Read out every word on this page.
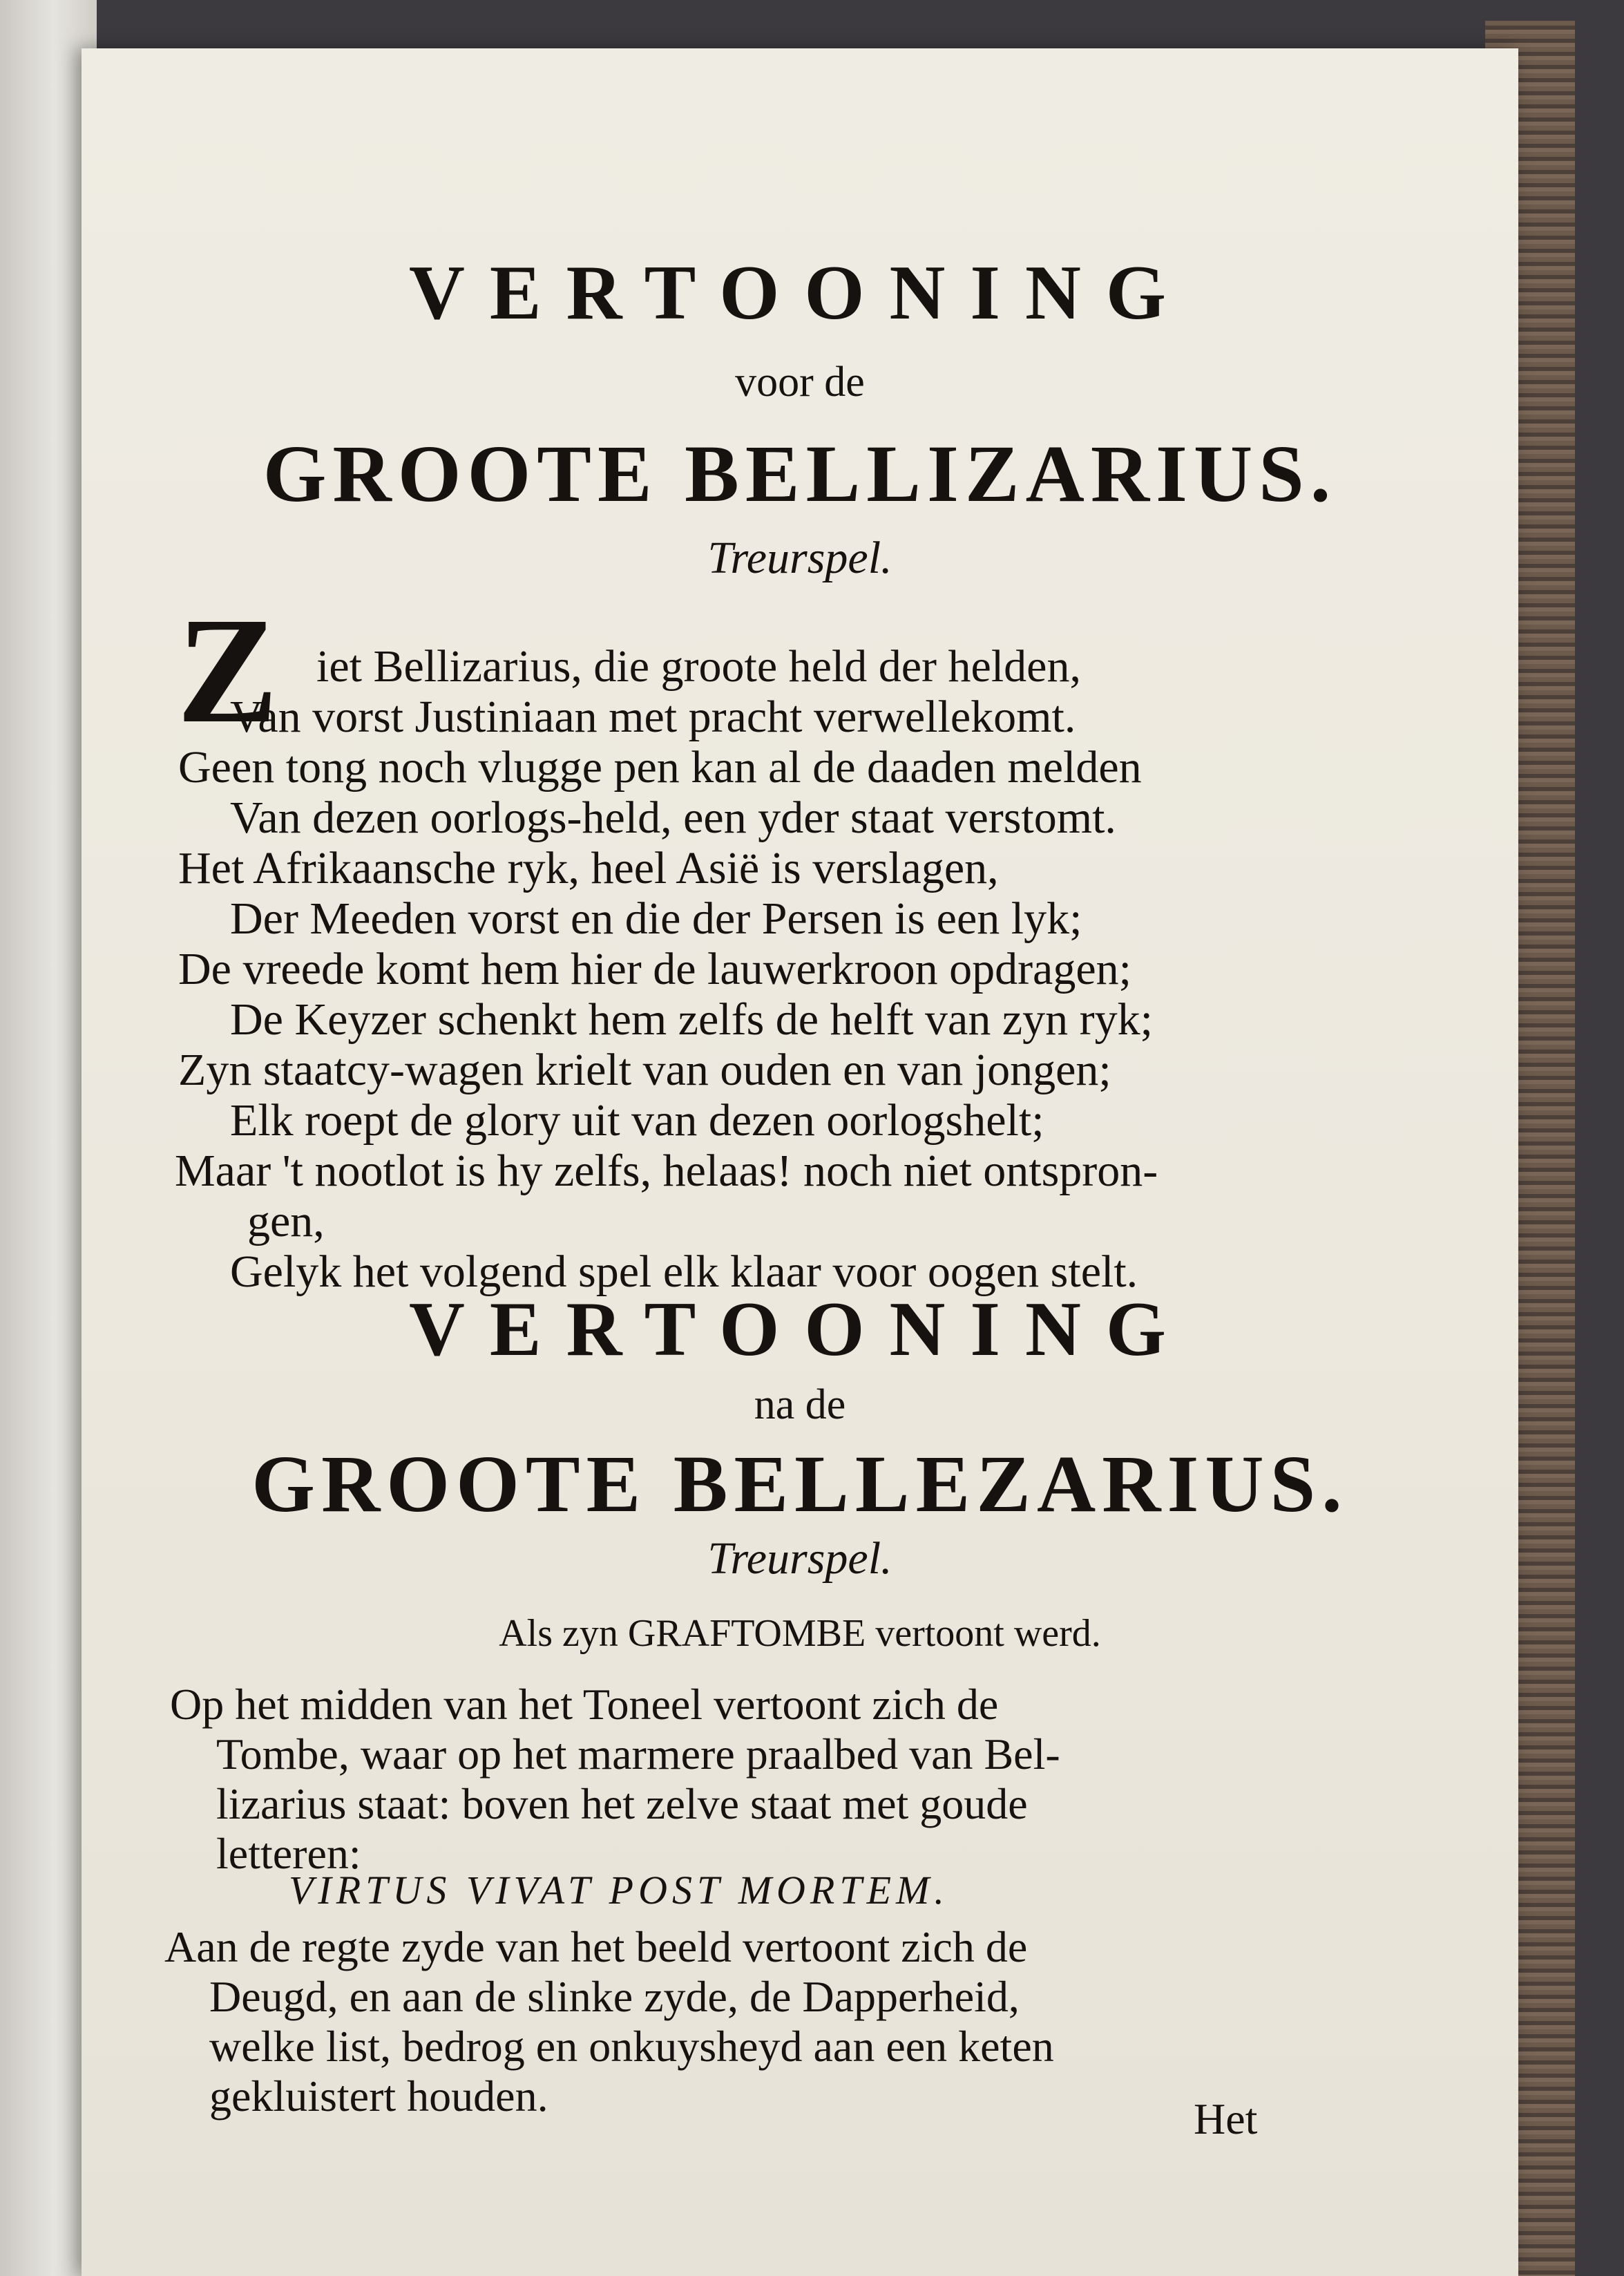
VERTOONING
voor de
GROOTE BELLIZARIUS.
Treurspel.
Z iet Bellizarius, die groote held der helden,
Van vorst Justiniaan met pracht verwellekomt.
Geen tong noch vlugge pen kan al de daaden melden
Van dezen oorlogs-held, een yder staat verstomt.
Het Afrikaansche ryk, heel Asië is verslagen,
Der Meeden vorst en die der Persen is een lyk;
De vreede komt hem hier de lauwerkroon opdragen;
De Keyzer schenkt hem zelfs de helft van zyn ryk;
Zyn staatcy-wagen krielt van ouden en van jongen;
Elk roept de glory uit van dezen oorlogshelt;
Maar 't nootlot is hy zelfs, helaas! noch niet ontspron-
gen,
Gelyk het volgend spel elk klaar voor oogen stelt.
VERTOONING
na de
GROOTE BELLEZARIUS.
Treurspel.
Als zyn GRAFTOMBE vertoont werd.
Op het midden van het Toneel vertoont zich de
Tombe, waar op het marmere praalbed van Bel-
lizarius staat: boven het zelve staat met goude
letteren:
VIRTUS VIVAT POST MORTEM.
Aan de regte zyde van het beeld vertoont zich de
Deugd, en aan de slinke zyde, de Dapperheid,
welke list, bedrog en onkuysheyd aan een keten
gekluistert houden.	Het
